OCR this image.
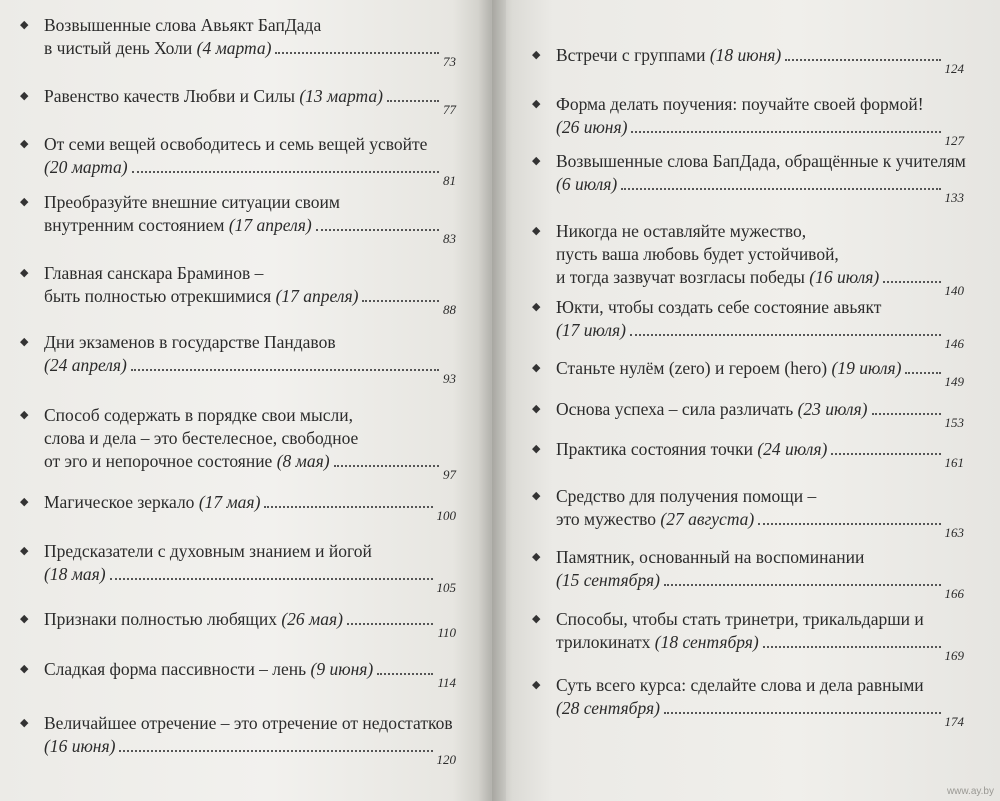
◆ Возвышенные слова Авьякт БапДада
в чистый день Холи
(4 марта)
73
◆ Равенство качеств Любви и Силы
(13 марта)
77
◆ От семи вещей освободитесь и семь вещей усвойте
(20 марта)
81
◆ Преобразуйте внешние ситуации своим
внутренним состоянием
(17 апреля)
83
◆ Главная санскара Браминов –
быть полностью отрекшимися
(17 апреля)
88
◆ Дни экзаменов в государстве Пандавов
(24 апреля)
93
◆ Способ содержать в порядке свои мысли,
слова и дела – это бестелесное, свободное
от эго и непорочное состояние
(8 мая)
97
◆ Магическое зеркало
(17 мая)
100
◆ Предсказатели с духовным знанием и йогой
(18 мая)
105
◆ Признаки полностью любящих
(26 мая)
110
◆ Сладкая форма пассивности – лень
(9 июня)
114
◆ Величайшее отречение – это отречение от недостатков
(16 июня)
120
◆ Встречи с группами
(18 июня)
124
◆ Форма делать поучения: поучайте своей формой!
(26 июня)
127
◆ Возвышенные слова БапДада, обращённые к учителям
(6 июля)
133
◆ Никогда не оставляйте мужество,
пусть ваша любовь будет устойчивой,
и тогда зазвучат возгласы победы
(16 июля)
140
◆ Юкти, чтобы создать себе состояние авьякт
(17 июля)
146
◆ Станьте нулём (zero) и героем (hero)
(19 июля)
149
◆ Основа успеха – сила различать
(23 июля)
153
◆ Практика состояния точки
(24 июля)
161
◆ Средство для получения помощи –
это мужество
(27 августа)
163
◆ Памятник, основанный на воспоминании
(15 сентября)
166
◆ Способы, чтобы стать тринетри, трикальдарши и
трилокинатх
(18 сентября)
169
◆ Суть всего курса: сделайте слова и дела равными
(28 сентября)
174
www.ay.by
